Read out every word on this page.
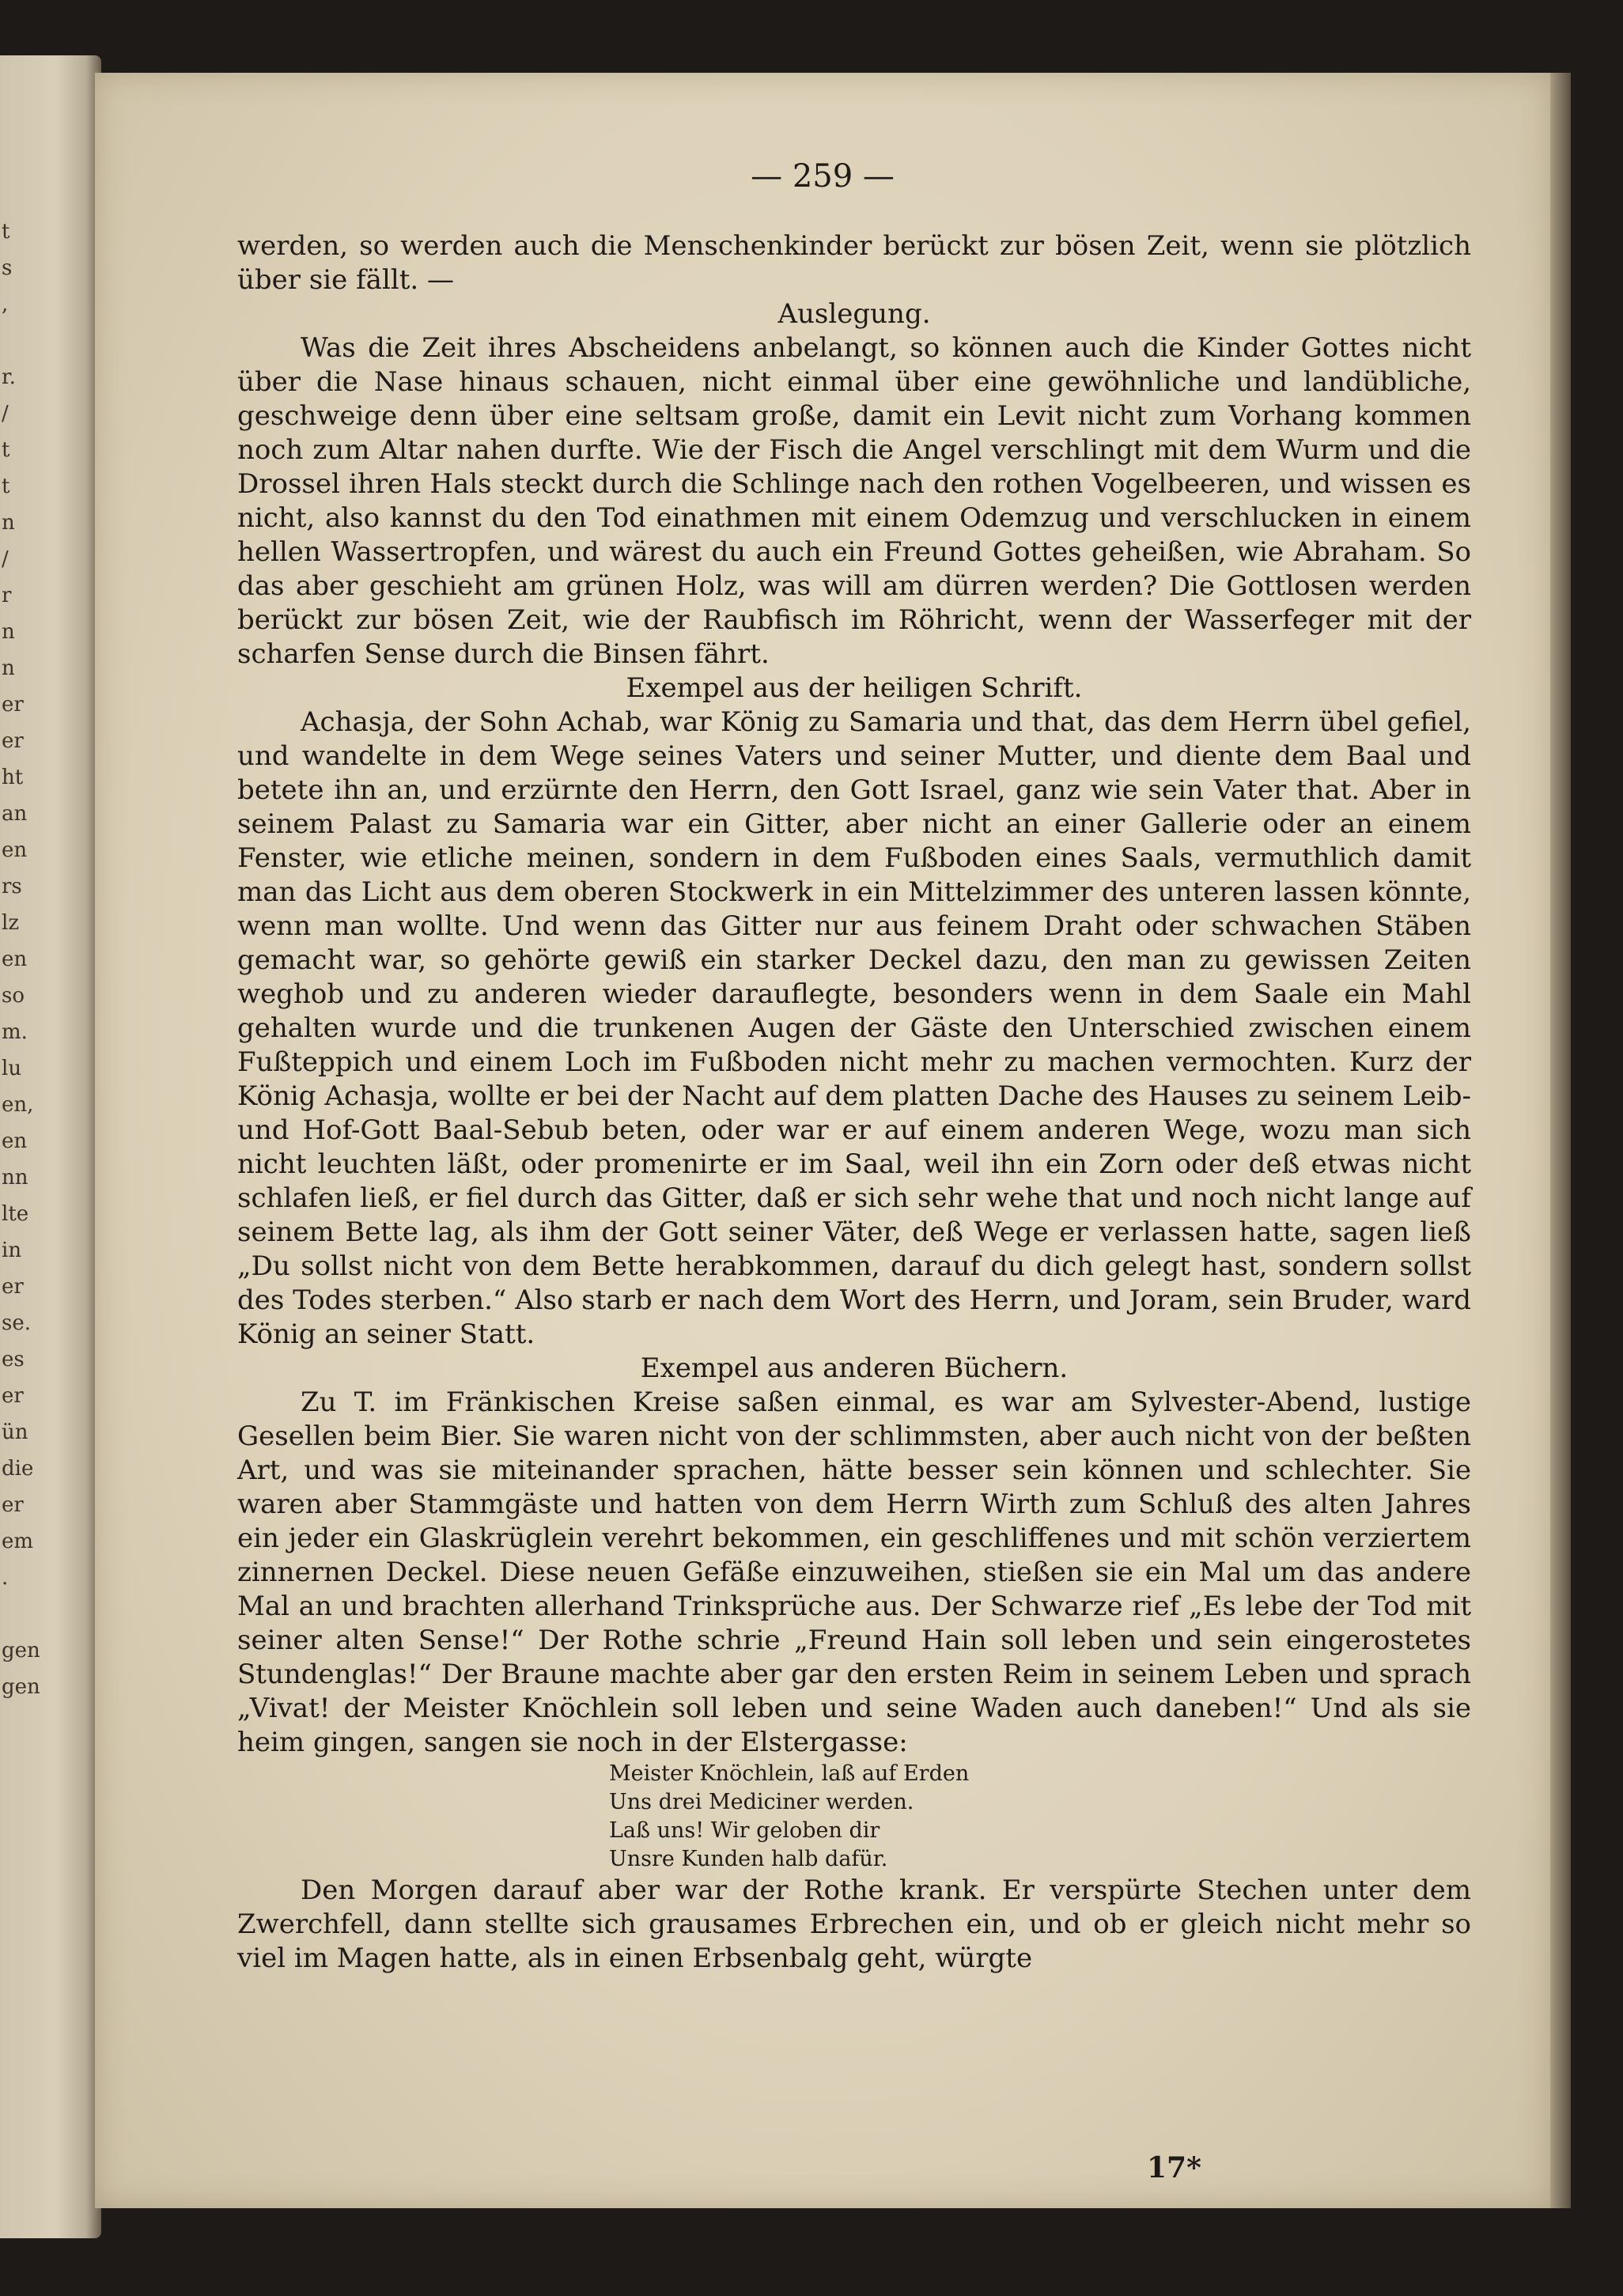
t
s
,

r.
/
t
t
n
/
r
n
n
er
er
ht
an
en
rs
lz
en
so
m.
lu
en,
en
nn
lte
in
er
se.
es
er
ün
die
er
em
.

gen
gen
— 259 —

werden, so werden auch die Menschenkinder berückt zur bösen Zeit, wenn sie plötzlich über sie fällt. —

Auslegung.

Was die Zeit ihres Abscheidens anbelangt, so können auch die Kinder Gottes nicht über die Nase hinaus schauen, nicht einmal über eine gewöhnliche und landübliche, geschweige denn über eine seltsam große, damit ein Levit nicht zum Vorhang kommen noch zum Altar nahen durfte. Wie der Fisch die Angel verschlingt mit dem Wurm und die Drossel ihren Hals steckt durch die Schlinge nach den rothen Vogelbeeren, und wissen es nicht, also kannst du den Tod einathmen mit einem Odemzug und verschlucken in einem hellen Wassertropfen, und wärest du auch ein Freund Gottes geheißen, wie Abraham. So das aber geschieht am grünen Holz, was will am dürren werden? Die Gottlosen werden berückt zur bösen Zeit, wie der Raubfisch im Röhricht, wenn der Wasserfeger mit der scharfen Sense durch die Binsen fährt.

Exempel aus der heiligen Schrift.

Achasja, der Sohn Achab, war König zu Samaria und that, das dem Herrn übel gefiel, und wandelte in dem Wege seines Vaters und seiner Mutter, und diente dem Baal und betete ihn an, und erzürnte den Herrn, den Gott Israel, ganz wie sein Vater that. Aber in seinem Palast zu Samaria war ein Gitter, aber nicht an einer Gallerie oder an einem Fenster, wie etliche meinen, sondern in dem Fußboden eines Saals, vermuthlich damit man das Licht aus dem oberen Stockwerk in ein Mittelzimmer des unteren lassen könnte, wenn man wollte. Und wenn das Gitter nur aus feinem Draht oder schwachen Stäben gemacht war, so gehörte gewiß ein starker Deckel dazu, den man zu gewissen Zeiten weghob und zu anderen wieder darauflegte, besonders wenn in dem Saale ein Mahl gehalten wurde und die trunkenen Augen der Gäste den Unterschied zwischen einem Fußteppich und einem Loch im Fußboden nicht mehr zu machen vermochten. Kurz der König Achasja, wollte er bei der Nacht auf dem platten Dache des Hauses zu seinem Leib- und Hof-Gott Baal-Sebub beten, oder war er auf einem anderen Wege, wozu man sich nicht leuchten läßt, oder promenirte er im Saal, weil ihn ein Zorn oder deß etwas nicht schlafen ließ, er fiel durch das Gitter, daß er sich sehr wehe that und noch nicht lange auf seinem Bette lag, als ihm der Gott seiner Väter, deß Wege er verlassen hatte, sagen ließ „Du sollst nicht von dem Bette herabkommen, darauf du dich gelegt hast, sondern sollst des Todes sterben.“ Also starb er nach dem Wort des Herrn, und Joram, sein Bruder, ward König an seiner Statt.

Exempel aus anderen Büchern.

Zu T. im Fränkischen Kreise saßen einmal, es war am Sylvester-Abend, lustige Gesellen beim Bier. Sie waren nicht von der schlimmsten, aber auch nicht von der beßten Art, und was sie miteinander sprachen, hätte besser sein können und schlechter. Sie waren aber Stammgäste und hatten von dem Herrn Wirth zum Schluß des alten Jahres ein jeder ein Glaskrüglein verehrt bekommen, ein geschliffenes und mit schön verziertem zinnernen Deckel. Diese neuen Gefäße einzuweihen, stießen sie ein Mal um das andere Mal an und brachten allerhand Trinksprüche aus. Der Schwarze rief „Es lebe der Tod mit seiner alten Sense!“ Der Rothe schrie „Freund Hain soll leben und sein eingerostetes Stundenglas!“ Der Braune machte aber gar den ersten Reim in seinem Leben und sprach „Vivat! der Meister Knöchlein soll leben und seine Waden auch daneben!“ Und als sie heim gingen, sangen sie noch in der Elstergasse:

Meister Knöchlein, laß auf Erden
Uns drei Mediciner werden.
Laß uns! Wir geloben dir
Unsre Kunden halb dafür.

Den Morgen darauf aber war der Rothe krank. Er verspürte Stechen unter dem Zwerchfell, dann stellte sich grausames Erbrechen ein, und ob er gleich nicht mehr so viel im Magen hatte, als in einen Erbsenbalg geht, würgte

17*
